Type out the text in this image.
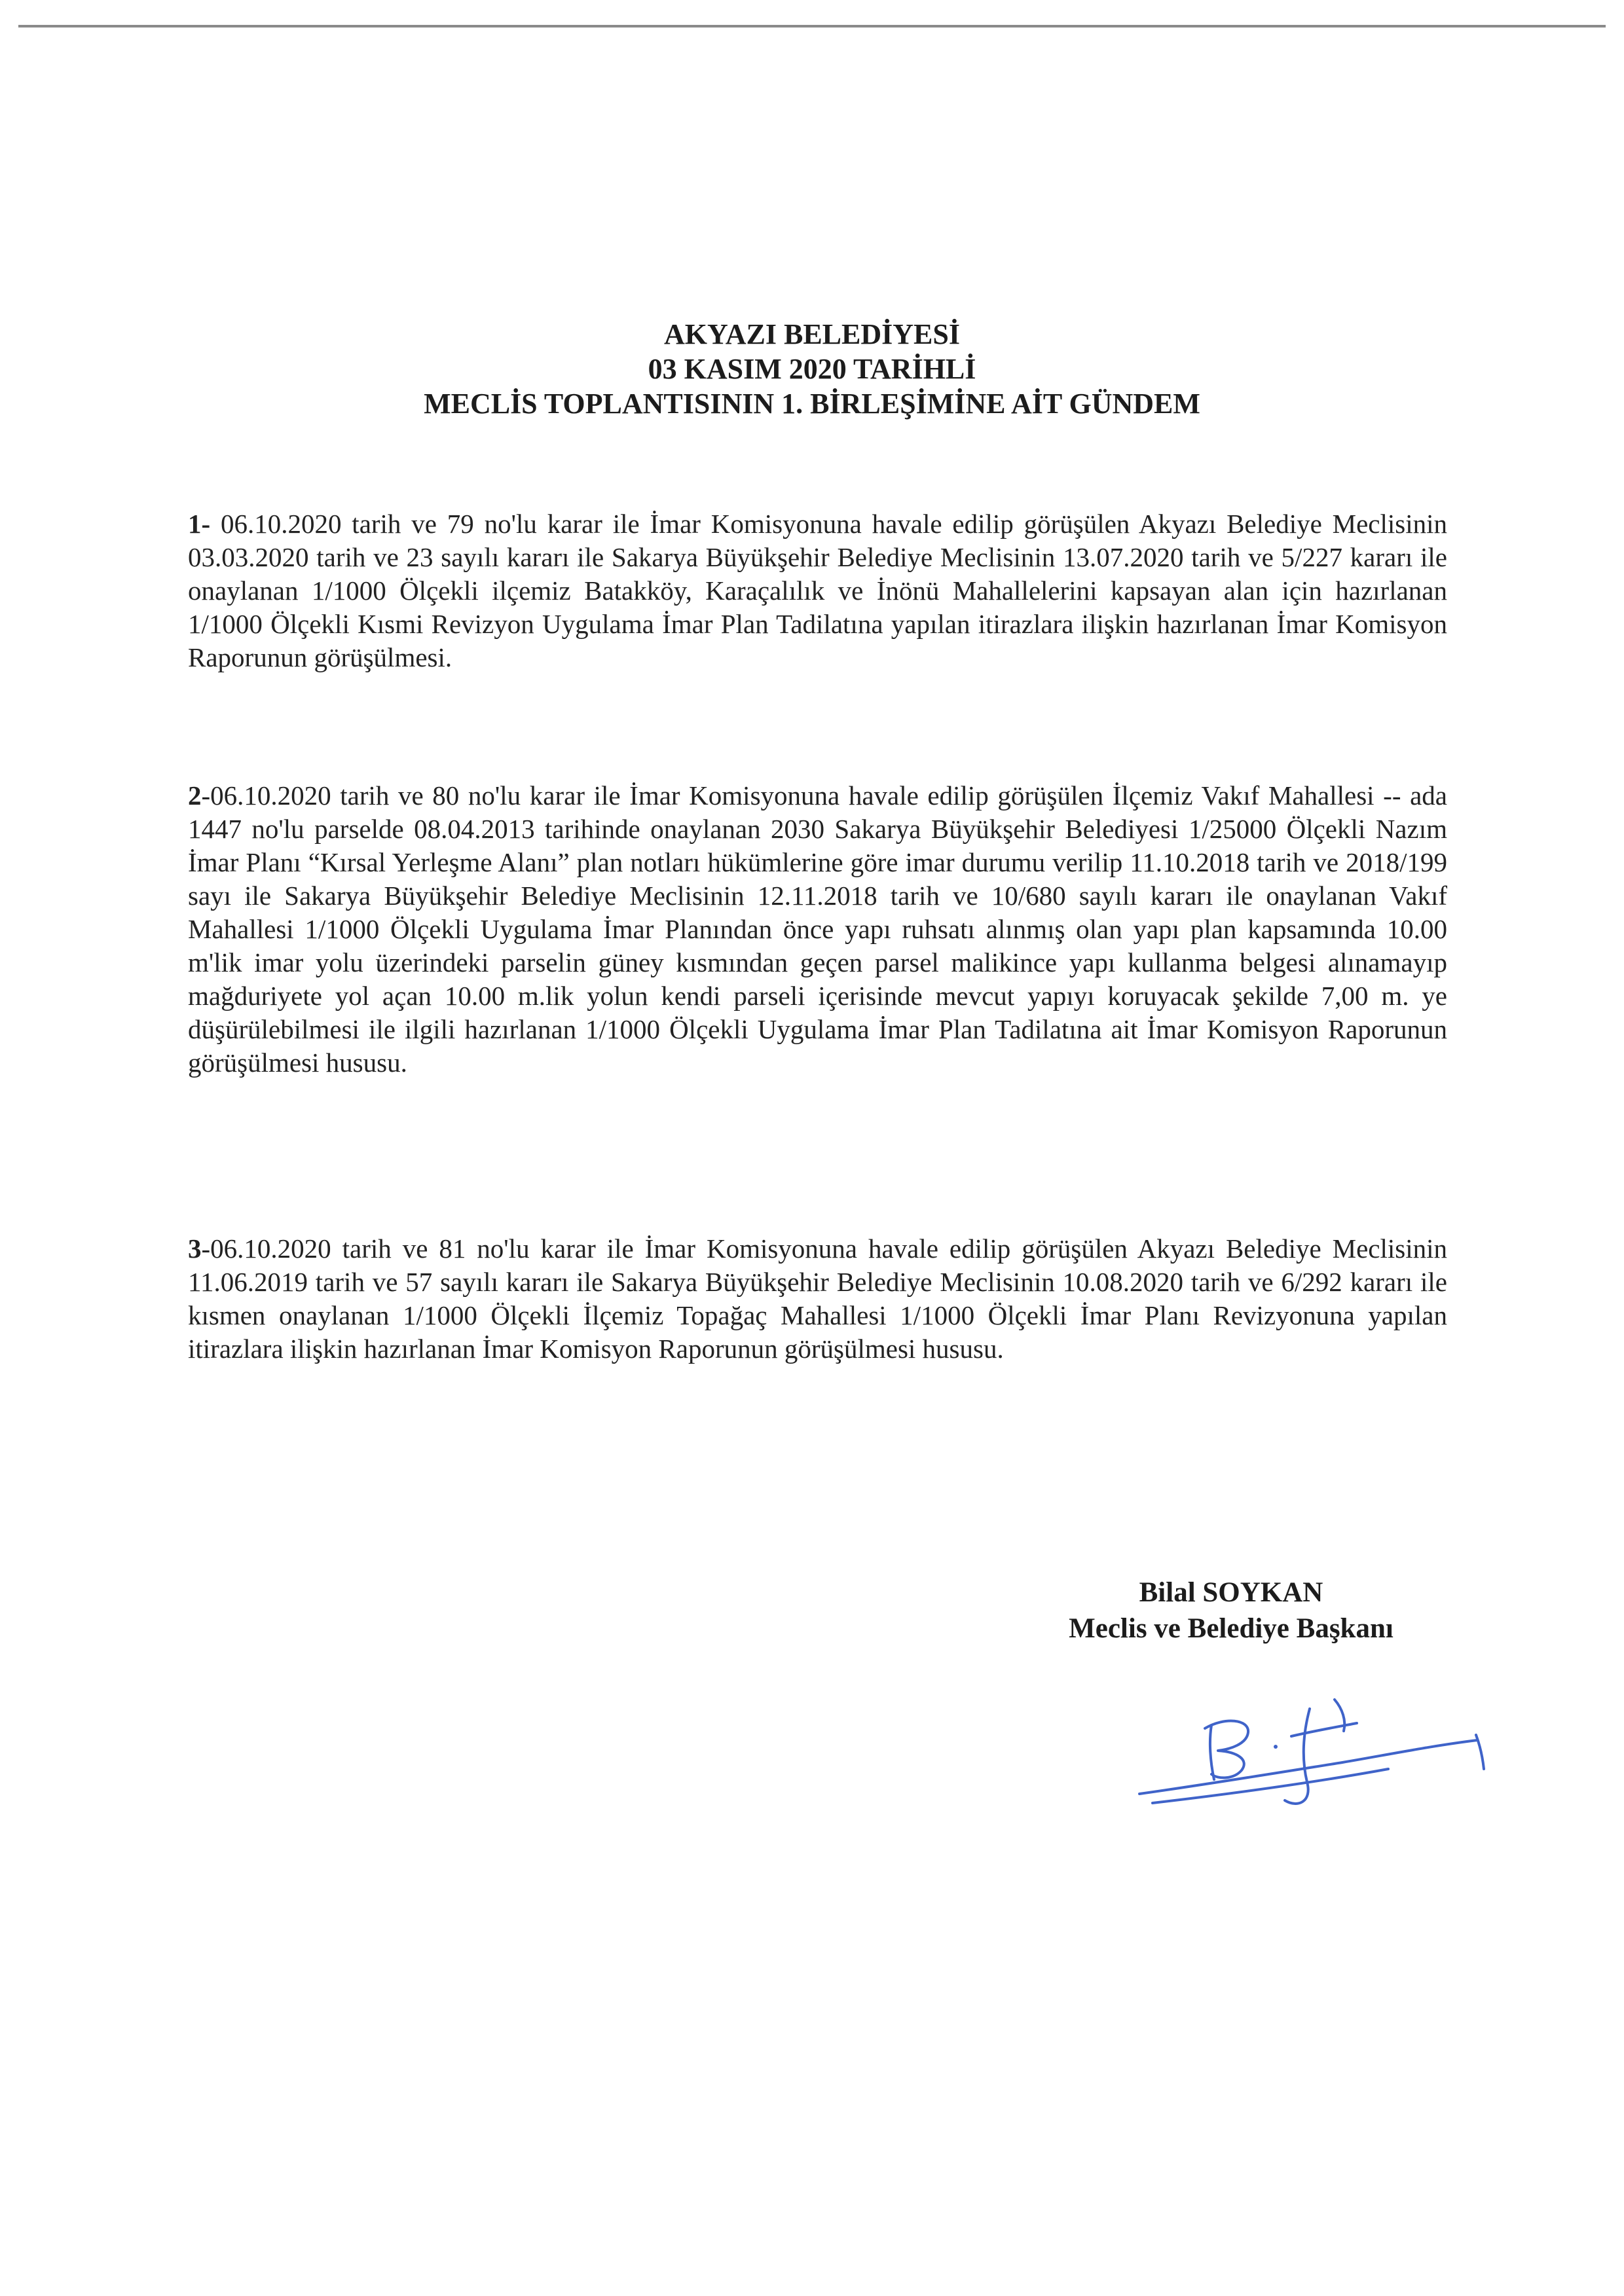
AKYAZI BELEDİYESİ
03 KASIM 2020 TARİHLİ
MECLİS TOPLANTISININ 1. BİRLEŞİMİNE AİT GÜNDEM
1- 06.10.2020 tarih ve 79 no'lu karar ile İmar Komisyonuna havale edilip görüşülen Akyazı Belediye Meclisinin 03.03.2020 tarih ve 23 sayılı kararı ile Sakarya Büyükşehir Belediye Meclisinin 13.07.2020 tarih ve 5/227 kararı ile onaylanan 1/1000 Ölçekli ilçemiz Batakköy, Karaçalılık ve İnönü Mahallelerini kapsayan alan için hazırlanan 1/1000 Ölçekli Kısmi Revizyon Uygulama İmar Plan Tadilatına yapılan itirazlara ilişkin hazırlanan İmar Komisyon Raporunun görüşülmesi.
2-06.10.2020 tarih ve 80 no'lu karar ile İmar Komisyonuna havale edilip görüşülen İlçemiz Vakıf Mahallesi -- ada 1447 no'lu parselde 08.04.2013 tarihinde onaylanan 2030 Sakarya Büyükşehir Belediyesi 1/25000 Ölçekli Nazım İmar Planı “Kırsal Yerleşme Alanı” plan notları hükümlerine göre imar durumu verilip 11.10.2018 tarih ve 2018/199 sayı ile Sakarya Büyükşehir Belediye Meclisinin 12.11.2018 tarih ve 10/680 sayılı kararı ile onaylanan Vakıf Mahallesi 1/1000 Ölçekli Uygulama İmar Planından önce yapı ruhsatı alınmış olan yapı plan kapsamında 10.00 m'lik imar yolu üzerindeki parselin güney kısmından geçen parsel malikince yapı kullanma belgesi alınamayıp mağduriyete yol açan 10.00 m.lik yolun kendi parseli içerisinde mevcut yapıyı koruyacak şekilde 7,00 m. ye düşürülebilmesi ile ilgili hazırlanan 1/1000 Ölçekli Uygulama İmar Plan Tadilatına ait İmar Komisyon Raporunun görüşülmesi hususu.
3-06.10.2020 tarih ve 81 no'lu karar ile İmar Komisyonuna havale edilip görüşülen Akyazı Belediye Meclisinin 11.06.2019 tarih ve 57 sayılı kararı ile Sakarya Büyükşehir Belediye Meclisinin 10.08.2020 tarih ve 6/292 kararı ile kısmen onaylanan 1/1000 Ölçekli İlçemiz Topağaç Mahallesi 1/1000 Ölçekli İmar Planı Revizyonuna yapılan itirazlara ilişkin hazırlanan İmar Komisyon Raporunun görüşülmesi hususu.
Bilal SOYKAN
Meclis ve Belediye Başkanı
